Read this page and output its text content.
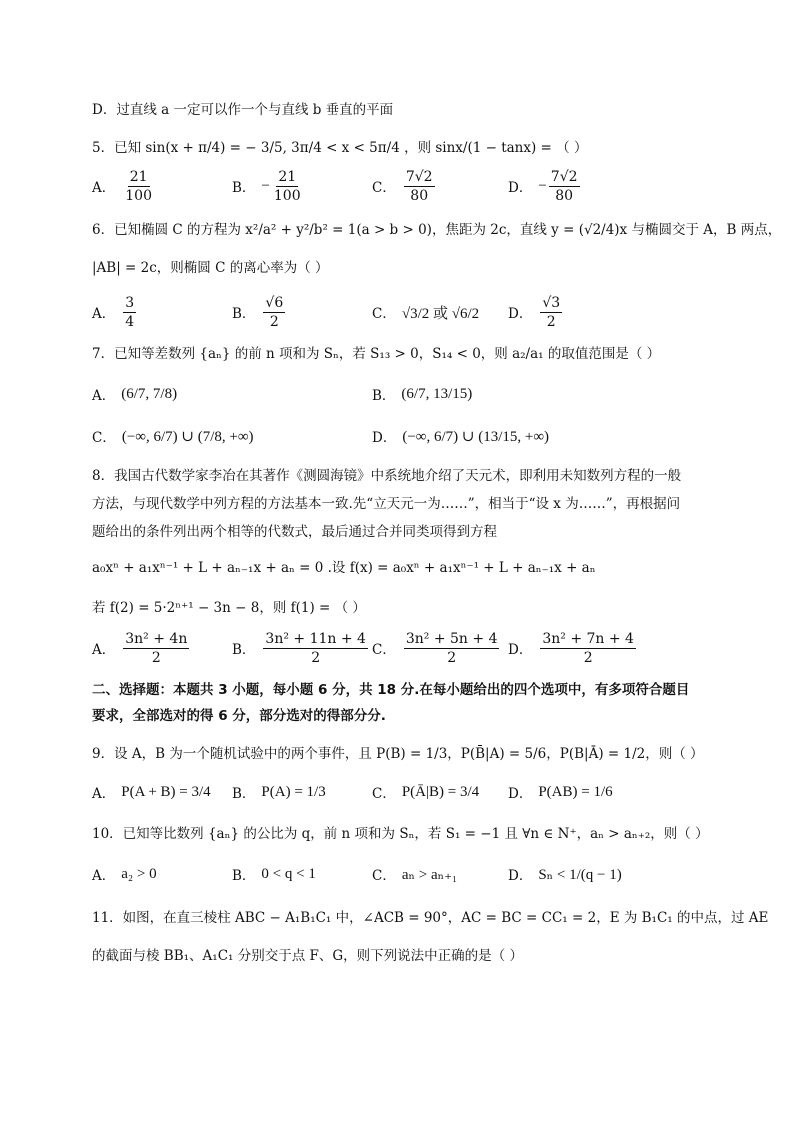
D．过直线 a 一定可以作一个与直线 b 垂直的平面
5．已知 sin(x + π/4) = − 3/5, 3π/4 < x < 5π/4 ，则 sinx/(1 − tanx) = （ ）
A． $\frac{21}{100}$	B． − $\frac{21}{100}$	C． $\frac{7√2}{80}$	D． − $\frac{7√2}{80}$
6．已知椭圆 C 的方程为 x²/a² + y²/b² = 1(a > b > 0)，焦距为 2c，直线 y = (√2/4)x 与椭圆交于 A，B 两点，
|AB| = 2c，则椭圆 C 的离心率为（ ）
A． $\frac{3}{4}$	B． $\frac{√6}{2}$	C． √3/2 或 √6/2 D． $\frac{√3}{2}$
7．已知等差数列 {aₙ} 的前 n 项和为 Sₙ，若 S₁₃ > 0，S₁₄ < 0，则 a₂/a₁ 的取值范围是（ ）
A． (6/7, 7/8)	B． (6/7, 13/15)
C． (−∞, 6/7) ∪ (7/8, +∞)	D． (−∞, 6/7) ∪ (13/15, +∞)
8．我国古代数学家李冶在其著作《测圆海镜》中系统地介绍了天元术，即利用未知数列方程的一般
方法，与现代数学中列方程的方法基本一致.先“立天元一为……”，相当于“设 x 为……”，再根据问
题给出的条件列出两个相等的代数式，最后通过合并同类项得到方程
a₀xⁿ + a₁xⁿ⁻¹ + L + aₙ₋₁x + aₙ = 0 .设 f(x) = a₀xⁿ + a₁xⁿ⁻¹ + L + aₙ₋₁x + aₙ
若 f(2) = 5·2ⁿ⁺¹ − 3n − 8，则 f(1) = （ ）
A． $\frac{\text{3n² + 4n}}{2}$	B． $\frac{\text{3n² + 11n + 4}}{2}$ C． $\frac{\text{3n² + 5n + 4}}{2}$ D． $\frac{\text{3n² + 7n + 4}}{2}$
二、选择题：本题共 3 小题，每小题 6 分，共 18 分.在每小题给出的四个选项中，有多项符合题目
要求，全部选对的得 6 分，部分选对的得部分分.
9．设 A，B 为一个随机试验中的两个事件，且 P(B) = 1/3，P(B̄|A) = 5/6，P(B|Ā) = 1/2，则（ ）
A． P(A + B) = 3/4 B． P(A) = 1/3	C． P(Ā|B) = 3/4 D． P(AB) = 1/6
10．已知等比数列 {aₙ} 的公比为 q，前 n 项和为 Sₙ，若 S₁ = −1 且 ∀n ∈ N⁺，aₙ > aₙ₊₂，则（ ）
A． a₂ > 0	B． 0 < q < 1	C． aₙ > aₙ₊₁	D． Sₙ < 1/(q − 1)
11．如图，在直三棱柱 ABC − A₁B₁C₁ 中，∠ACB = 90°，AC = BC = CC₁ = 2，E 为 B₁C₁ 的中点，过 AE
的截面与棱 BB₁、A₁C₁ 分别交于点 F、G，则下列说法中正确的是（ ）
